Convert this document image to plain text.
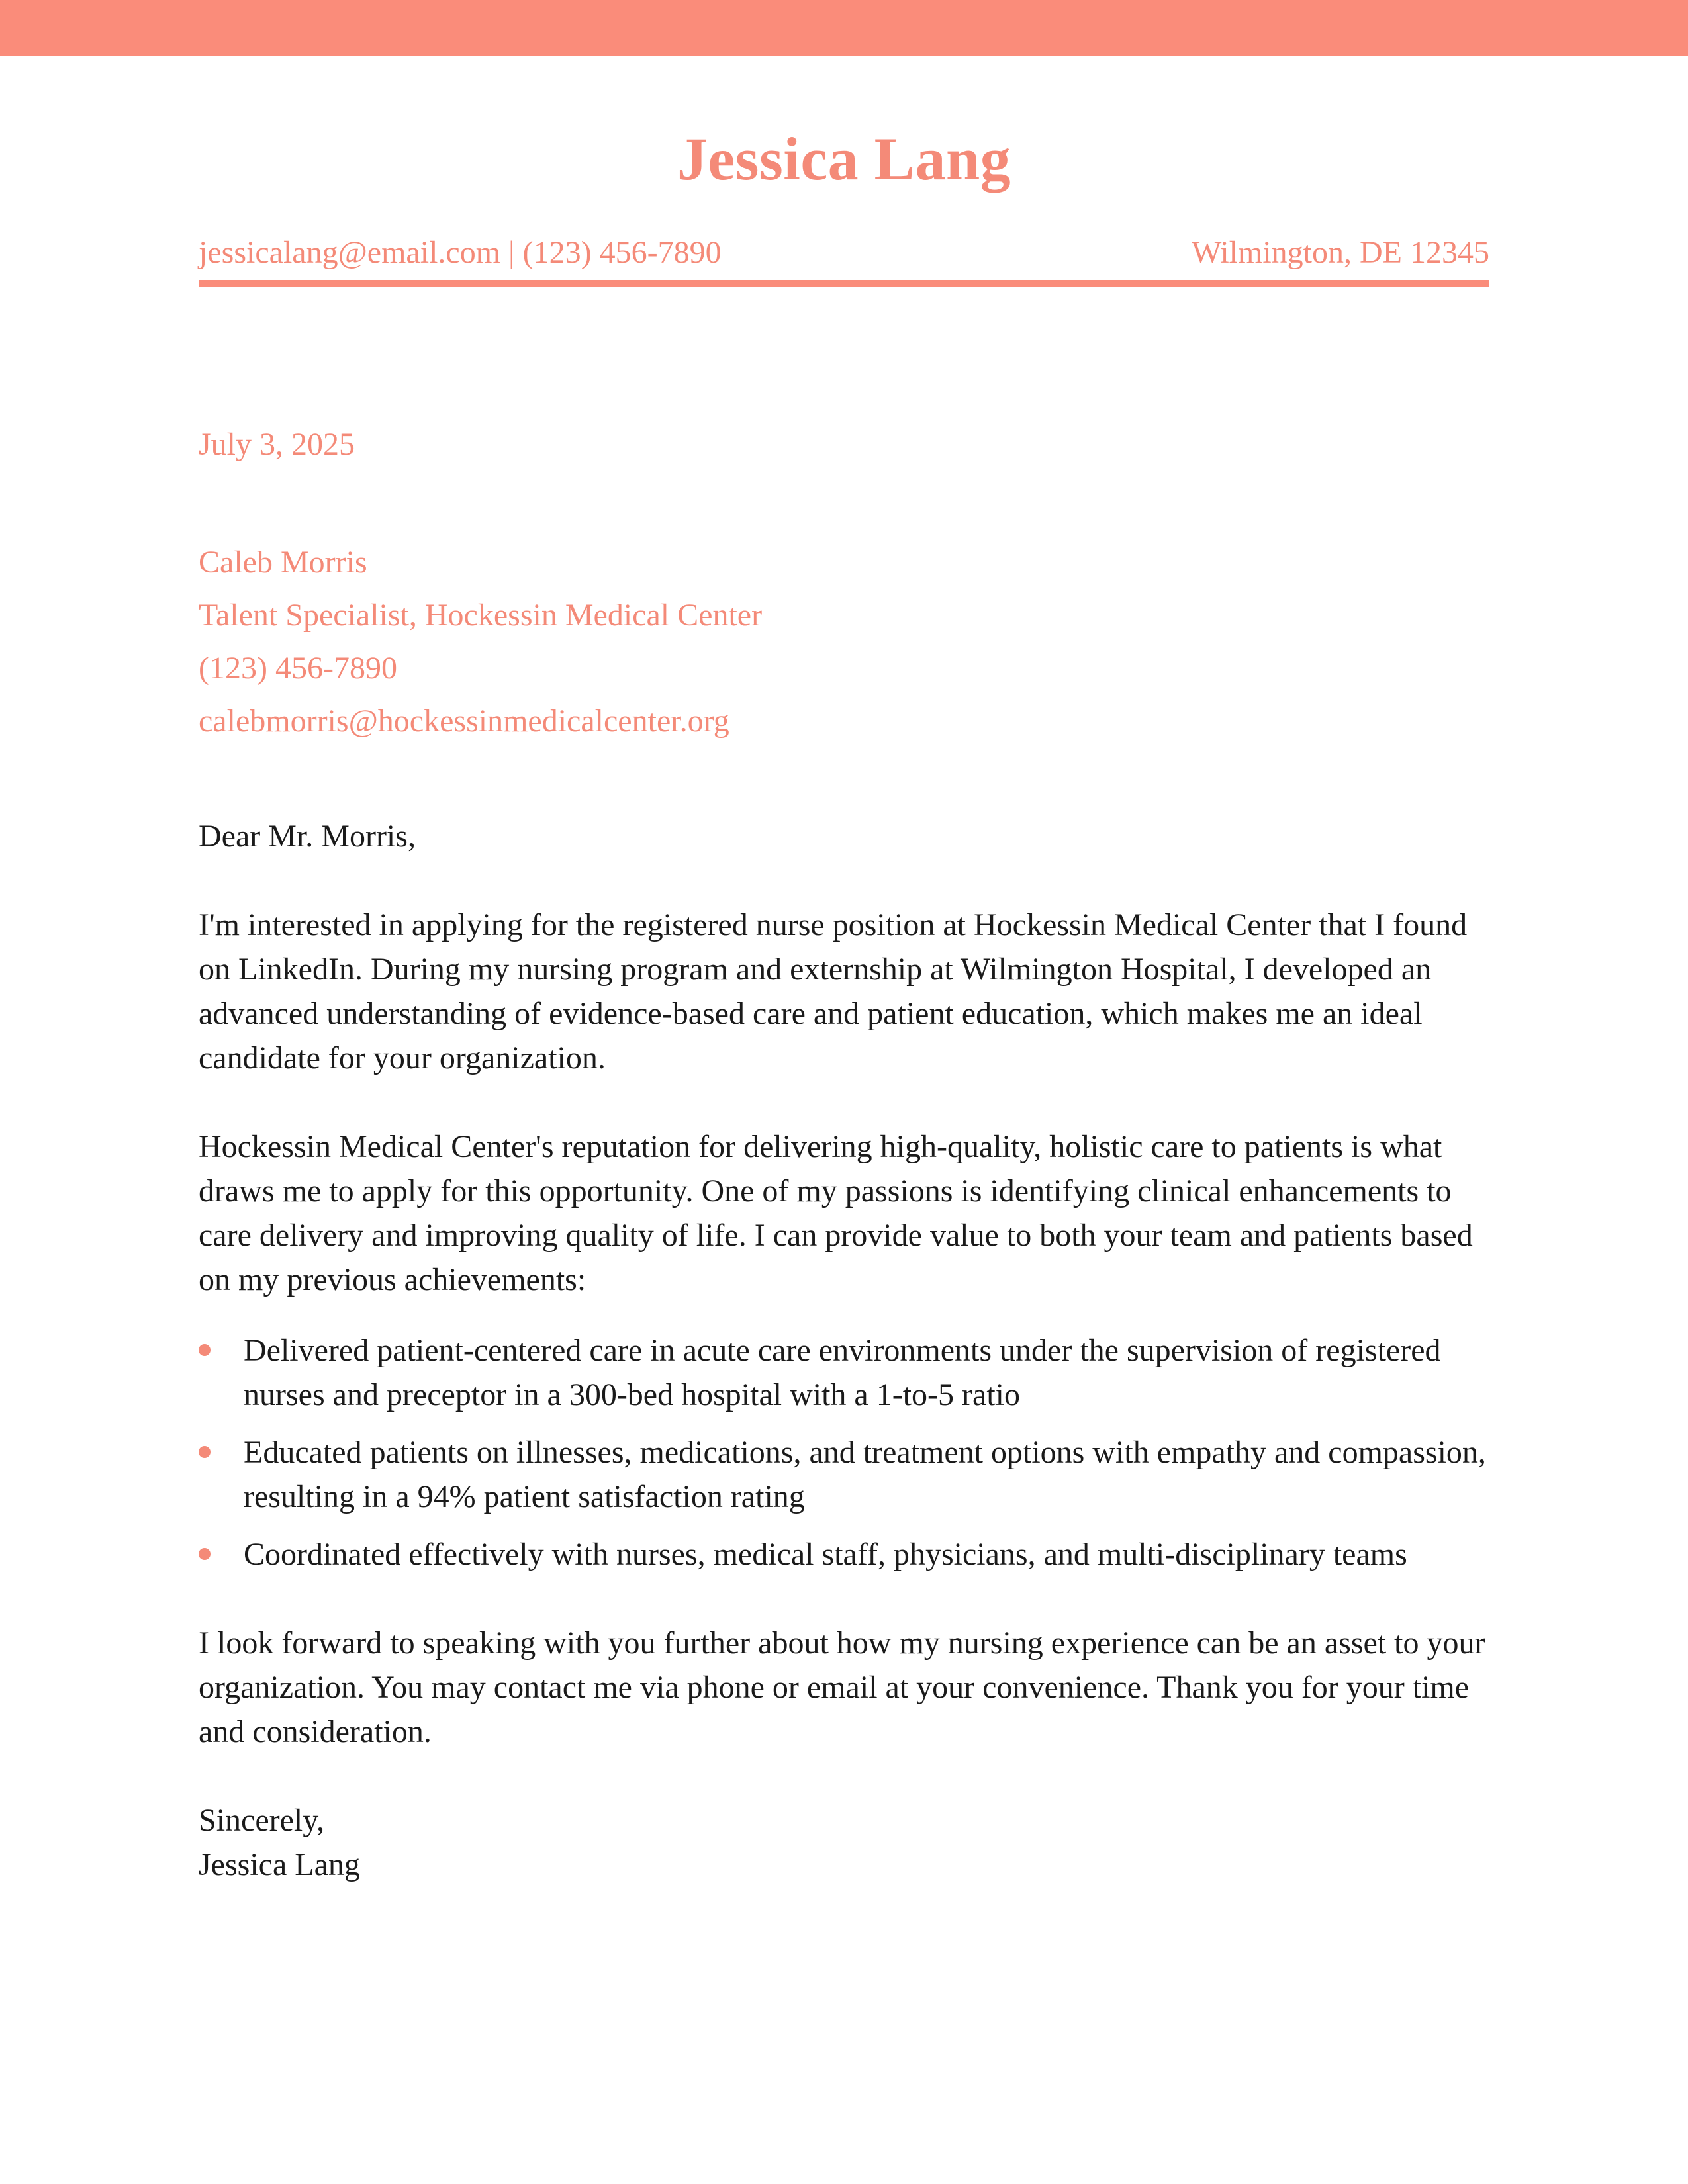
Jessica Lang
jessicalang@email.com | (123) 456-7890	Wilmington, DE 12345
July 3, 2025
Caleb Morris
Talent Specialist, Hockessin Medical Center
(123) 456-7890
calebmorris@hockessinmedicalcenter.org

Dear Mr. Morris,

I'm interested in applying for the registered nurse position at Hockessin Medical Center that I found on LinkedIn. During my nursing program and externship at Wilmington Hospital, I developed an advanced understanding of evidence-based care and patient education, which makes me an ideal candidate for your organization.

Hockessin Medical Center's reputation for delivering high-quality, holistic care to patients is what draws me to apply for this opportunity. One of my passions is identifying clinical enhancements to care delivery and improving quality of life. I can provide value to both your team and patients based on my previous achievements:

Delivered patient-centered care in acute care environments under the supervision of registered nurses and preceptor in a 300-bed hospital with a 1-to-5 ratio
Educated patients on illnesses, medications, and treatment options with empathy and compassion, resulting in a 94% patient satisfaction rating
Coordinated effectively with nurses, medical staff, physicians, and multi-disciplinary teams

I look forward to speaking with you further about how my nursing experience can be an asset to your organization. You may contact me via phone or email at your convenience. Thank you for your time and consideration.

Sincerely,
Jessica Lang
